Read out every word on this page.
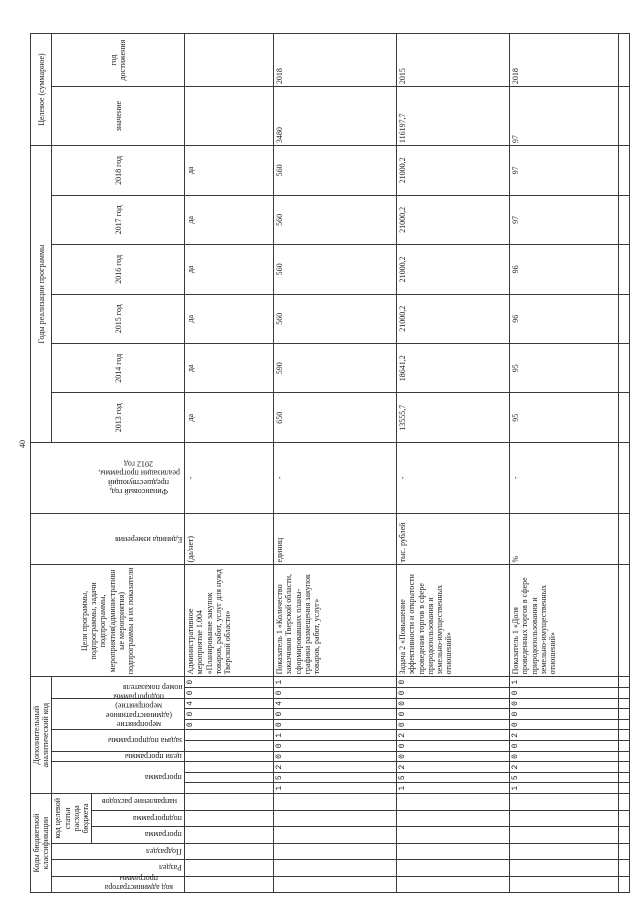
40
Коды бюджетной классификации						Дополнительный аналитический код											Цели программы, подпрограммы, задачи подпрограммы, мероприятия(административные мероприятия) подпрограммы и их показатели	Единица измерения	Финансовый год, предшествующий реализации программы, 2012 год	Годы реализации программы						Целевое (суммарное)	

код администратора программы	Раздел	Подраздел	код целевой статьи расхода бюджета			программа			цели программы	задача подпрограммы		мероприятие (административное мероприятие) подпрограммы			номер показателя					2013 год	2014 год	2015 год	2016 год	2017 год	2018 год	значение	год достижения

			программа	подпрограмма	направление расходов																						

												0	0	4	0	0	Административное мероприятие 1.004 «Планирование закупок товаров, работ, услуг для нужд Тверской области»	(да/нет)	-	да	да	да	да	да	да		
						1	5	2	0	0	1	0	0	4	0	1	Показатель 1 «Количество заказчиков Тверской области, сформировавших планы-графики размещения закупок товаров, работ, услуг»	единиц	-	650	590	560	560	560	560	3480	2018
						1	5	2	0	0	2	0	0	0	0	0	Задача 2 «Повышение эффективности и открытости проведения торгов в сфере природопользования и земельно-имущественных отношений»	тыс. рублей	-	13555,7	18641,2	21000,2	21000,2	21000,2	21000,2	116197,7	2015
						1	5	2	0	0	2	0	0	0	0	1	Показатель 1 «Доля проведенных торгов в сфере природопользования и земельно-имущественных отношений»	%	-	95	95	96	96	97	97	97	2018
